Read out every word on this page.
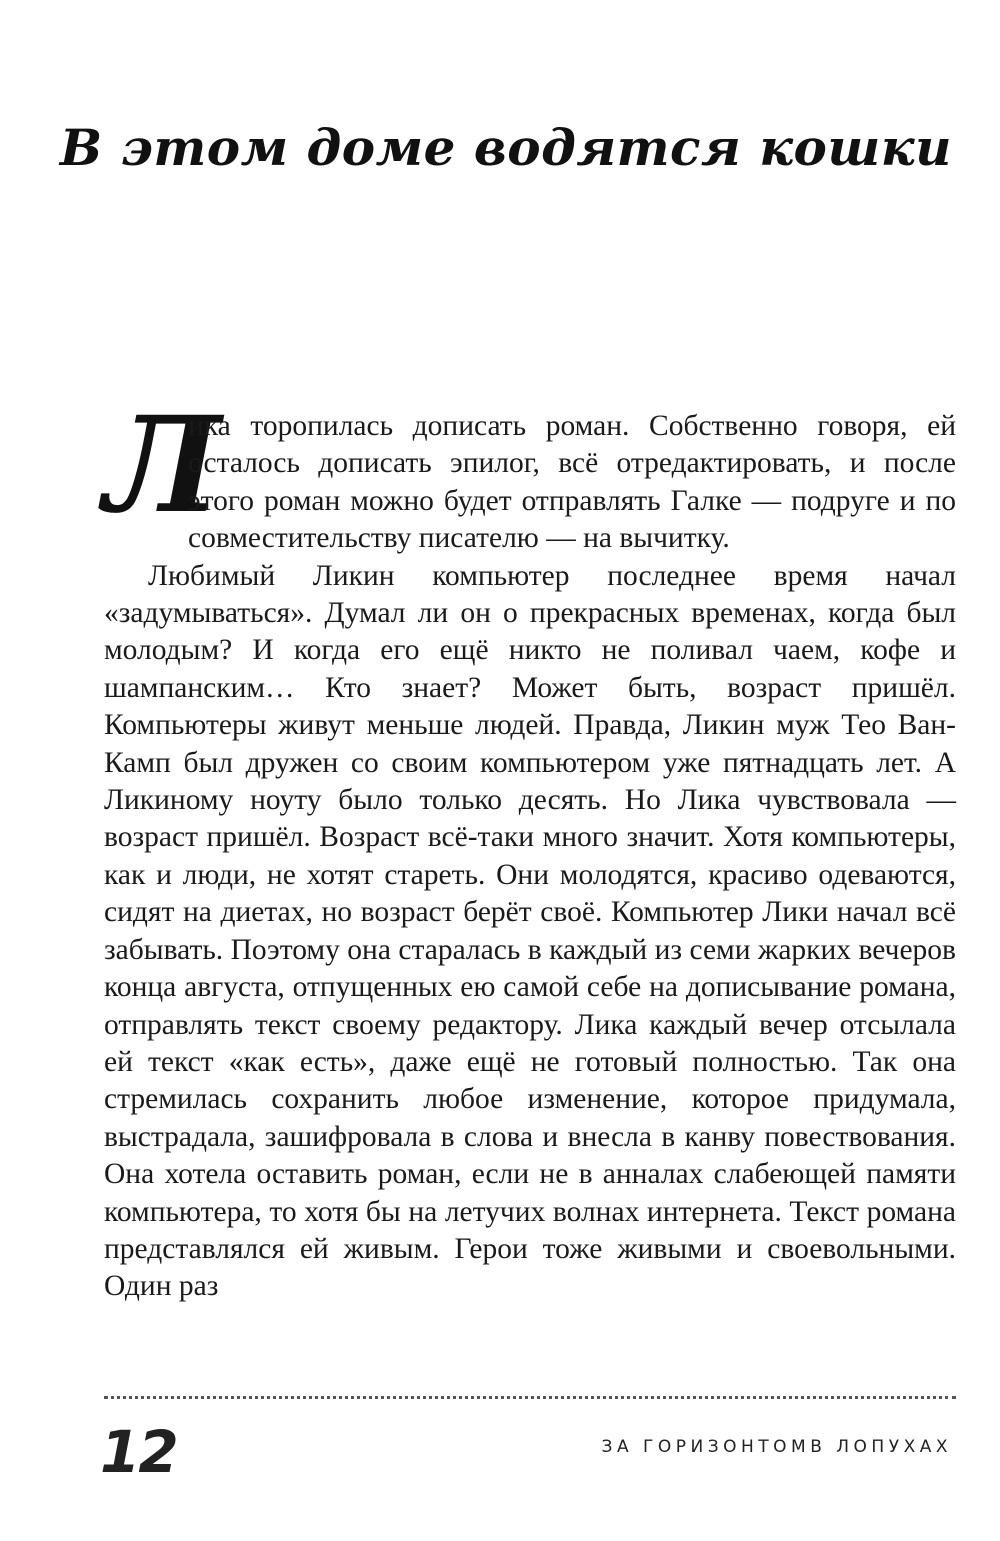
В этом доме водятся кошки

Л
ика торопилась дописать роман. Собственно говоря, ей осталось дописать эпилог, всё отредактировать, и после этого роман можно будет отправлять Галке — подруге и по совместительству писателю — на вычитку.

Любимый Ликин компьютер последнее время начал «задумываться». Думал ли он о прекрасных временах, когда был молодым? И когда его ещё никто не поливал чаем, кофе и шампанским… Кто знает? Может быть, возраст пришёл. Компьютеры живут меньше людей. Правда, Ликин муж Тео Ван-Камп был дружен со своим компьютером уже пятнадцать лет. А Ликиному ноуту было только десять. Но Лика чувствовала — возраст пришёл. Возраст всё-таки много значит. Хотя компьютеры, как и люди, не хотят стареть. Они молодятся, красиво одеваются, сидят на диетах, но возраст берёт своё. Компьютер Лики начал всё забывать. Поэтому она старалась в каждый из семи жарких вечеров конца августа, отпущенных ею самой себе на дописывание романа, отправлять текст своему редактору. Лика каждый вечер отсылала ей текст «как есть», даже ещё не готовый полностью. Так она стремилась сохранить любое изменение, которое придумала, выстрадала, зашифровала в слова и внесла в канву повествования. Она хотела оставить роман, если не в анналах слабеющей памяти компьютера, то хотя бы на летучих волнах интернета. Текст романа представлялся ей живым. Герои тоже живыми и своевольными. Один раз

12	ЗА ГОРИЗОНТОМВ ЛОПУХАХ
